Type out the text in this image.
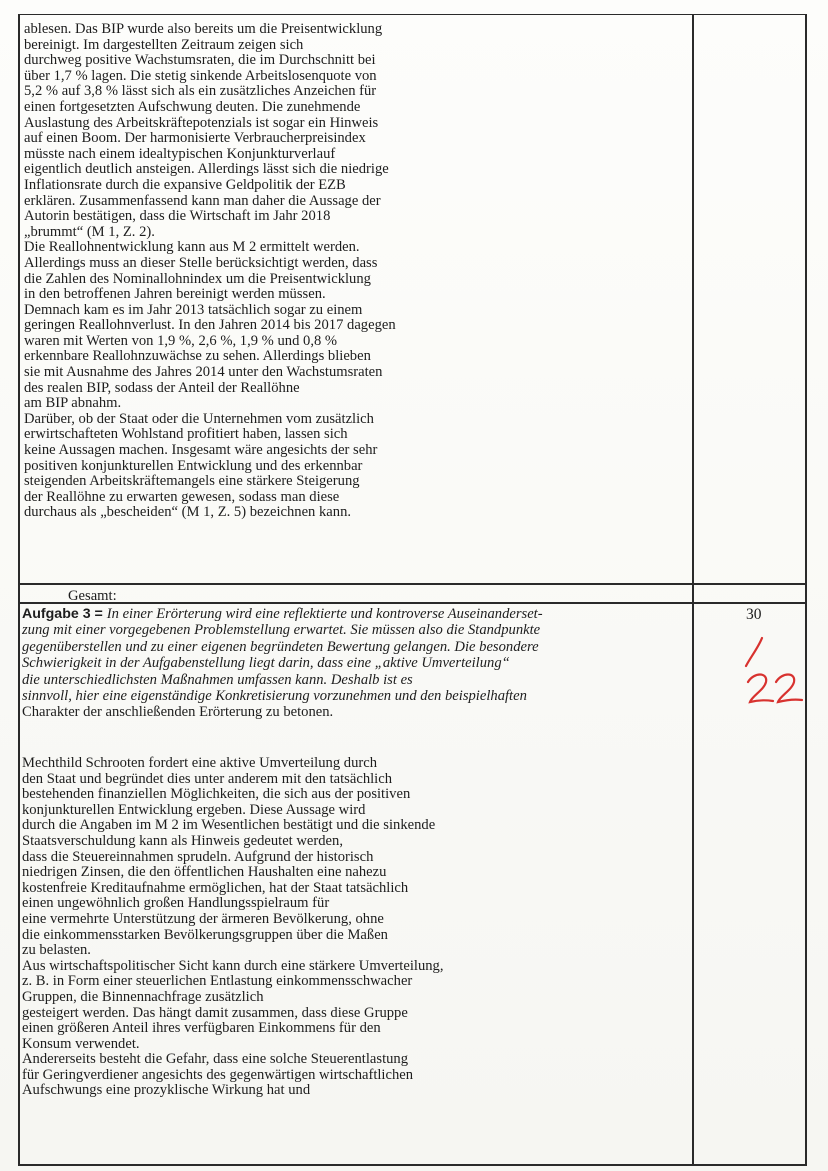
ablesen. Das BIP wurde also bereits um die Preisentwicklung
bereinigt. Im dargestellten Zeitraum zeigen sich
durchweg positive Wachstumsraten, die im Durchschnitt bei
über 1,7 % lagen. Die stetig sinkende Arbeitslosenquote von
5,2 % auf 3,8 % lässt sich als ein zusätzliches Anzeichen für
einen fortgesetzten Aufschwung deuten. Die zunehmende
Auslastung des Arbeitskräftepotenzials ist sogar ein Hinweis
auf einen Boom. Der harmonisierte Verbraucherpreisindex
müsste nach einem idealtypischen Konjunkturverlauf
eigentlich deutlich ansteigen. Allerdings lässt sich die niedrige
Inflationsrate durch die expansive Geldpolitik der EZB
erklären. Zusammenfassend kann man daher die Aussage der
Autorin bestätigen, dass die Wirtschaft im Jahr 2018
„brummt“ (M 1, Z. 2).
Die Reallohnentwicklung kann aus M 2 ermittelt werden.
Allerdings muss an dieser Stelle berücksichtigt werden, dass
die Zahlen des Nominallohnindex um die Preisentwicklung
in den betroffenen Jahren bereinigt werden müssen.
Demnach kam es im Jahr 2013 tatsächlich sogar zu einem
geringen Reallohnverlust. In den Jahren 2014 bis 2017 dagegen
waren mit Werten von 1,9 %, 2,6 %, 1,9 % und 0,8 %
erkennbare Reallohnzuwächse zu sehen. Allerdings blieben
sie mit Ausnahme des Jahres 2014 unter den Wachstumsraten
des realen BIP, sodass der Anteil der Reallöhne
am BIP abnahm.
Darüber, ob der Staat oder die Unternehmen vom zusätzlich
erwirtschafteten Wohlstand profitiert haben, lassen sich
keine Aussagen machen. Insgesamt wäre angesichts der sehr
positiven konjunkturellen Entwicklung und des erkennbar
steigenden Arbeitskräftemangels eine stärkere Steigerung
der Reallöhne zu erwarten gewesen, sodass man diese
durchaus als „bescheiden“ (M 1, Z. 5) bezeichnen kann.
Gesamt:
Aufgabe 3 = In einer Erörterung wird eine reflektierte und kontroverse Auseinanderset-
zung mit einer vorgegebenen Problemstellung erwartet. Sie müssen also die Standpunkte
gegenüberstellen und zu einer eigenen begründeten Bewertung gelangen. Die besondere
Schwierigkeit in der Aufgabenstellung liegt darin, dass eine „aktive Umverteilung“
die unterschiedlichsten Maßnahmen umfassen kann. Deshalb ist es
sinnvoll, hier eine eigenständige Konkretisierung vorzunehmen und den beispielhaften
Charakter der anschließenden Erörterung zu betonen.
30
Mechthild Schrooten fordert eine aktive Umverteilung durch
den Staat und begründet dies unter anderem mit den tatsächlich
bestehenden finanziellen Möglichkeiten, die sich aus der positiven
konjunkturellen Entwicklung ergeben. Diese Aussage wird
durch die Angaben im M 2 im Wesentlichen bestätigt und die sinkende
Staatsverschuldung kann als Hinweis gedeutet werden,
dass die Steuereinnahmen sprudeln. Aufgrund der historisch
niedrigen Zinsen, die den öffentlichen Haushalten eine nahezu
kostenfreie Kreditaufnahme ermöglichen, hat der Staat tatsächlich
einen ungewöhnlich großen Handlungsspielraum für
eine vermehrte Unterstützung der ärmeren Bevölkerung, ohne
die einkommensstarken Bevölkerungsgruppen über die Maßen
zu belasten.
Aus wirtschaftspolitischer Sicht kann durch eine stärkere Umverteilung,
z. B. in Form einer steuerlichen Entlastung einkommensschwacher
Gruppen, die Binnennachfrage zusätzlich
gesteigert werden. Das hängt damit zusammen, dass diese Gruppe
einen größeren Anteil ihres verfügbaren Einkommens für den
Konsum verwendet.
Andererseits besteht die Gefahr, dass eine solche Steuerentlastung
für Geringverdiener angesichts des gegenwärtigen wirtschaftlichen
Aufschwungs eine prozyklische Wirkung hat und
